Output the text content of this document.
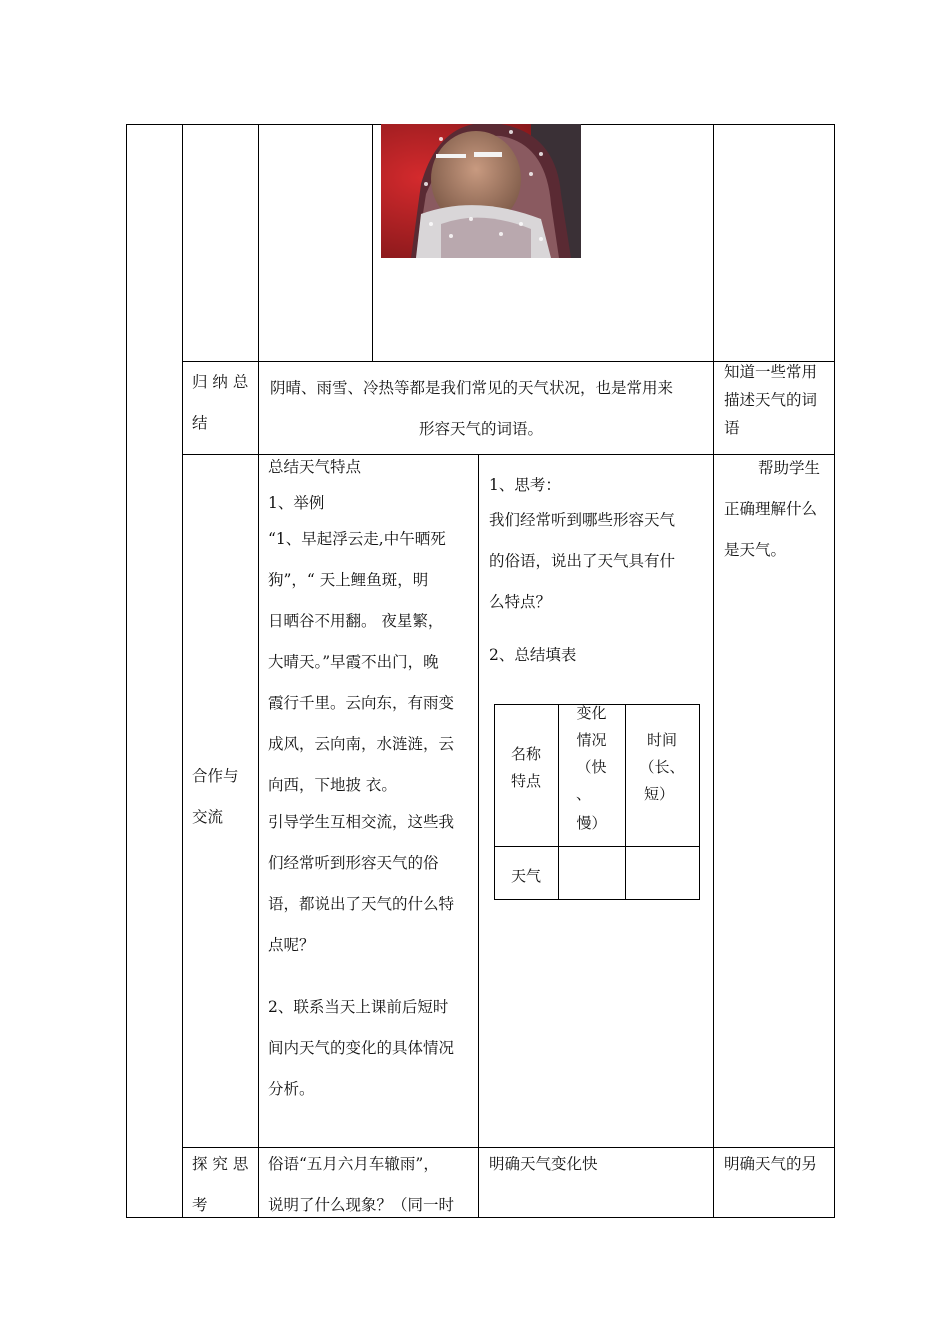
归 纳 总
结
阴晴、雨雪、冷热等都是我们常见的天气状况，也是常用来
形容天气的词语。
知道一些常用
描述天气的词
语
合作与
交流
总结天气特点
1、举例
“1、早起浮云走,中午晒死
狗”，“ 天上鲤鱼斑，明
日晒谷不用翻。 夜星繁，
大晴天。”早霞不出门，晚
霞行千里。云向东，有雨变
成风，云向南，水涟涟，云
向西，下地披 衣。
引导学生互相交流，这些我
们经常听到形容天气的俗
语，都说出了天气的什么特
点呢？
2、联系当天上课前后短时
间内天气的变化的具体情况
分析。
1、思考：
我们经常听到哪些形容天气
的俗语，说出了天气具有什
么特点？
2、总结填表
名称
特点
变化
情况
（快
、
慢）
时间
（长、
短）
天气
帮助学生
正确理解什么
是天气。
探 究 思
考
俗语“五月六月车辙雨”，
说明了什么现象？（同一时
明确天气变化快	明确天气的另
